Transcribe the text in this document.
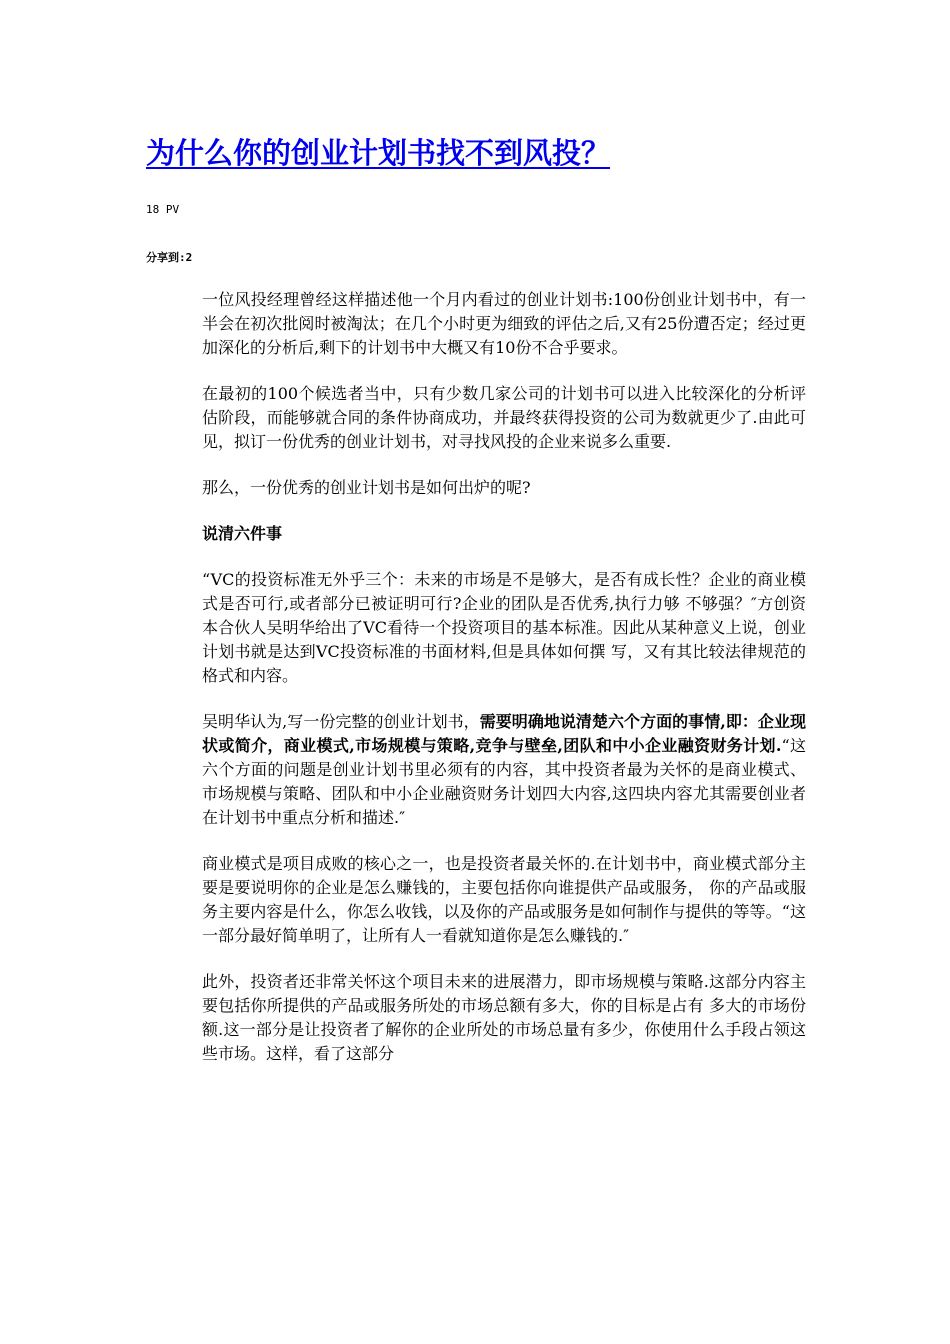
为什么你的创业计划书找不到风投？
18 PV
分享到:2

一位风投经理曾经这样描述他一个月内看过的创业计划书:100份创业计划书中，有一半会在初次批阅时被淘汰；在几个小时更为细致的评估之后,又有25份遭否定；经过更加深化的分析后,剩下的计划书中大概又有10份不合乎要求。

在最初的100个候选者当中，只有少数几家公司的计划书可以进入比较深化的分析评估阶段，而能够就合同的条件协商成功，并最终获得投资的公司为数就更少了.由此可见，拟订一份优秀的创业计划书，对寻找风投的企业来说多么重要.

那么，一份优秀的创业计划书是如何出炉的呢?

说清六件事

“VC的投资标准无外乎三个：未来的市场是不是够大，是否有成长性？企业的商业模式是否可行,或者部分已被证明可行?企业的团队是否优秀,执行力够 不够强？″方创资本合伙人吴明华给出了VC看待一个投资项目的基本标准。因此从某种意义上说，创业计划书就是达到VC投资标准的书面材料,但是具体如何撰 写，又有其比较法律规范的格式和内容。

吴明华认为,写一份完整的创业计划书，需要明确地说清楚六个方面的事情,即：企业现状或简介，商业模式,市场规模与策略,竞争与壁垒,团队和中小企业融资财务计划.“这六个方面的问题是创业计划书里必须有的内容，其中投资者最为关怀的是商业模式、市场规模与策略、团队和中小企业融资财务计划四大内容,这四块内容尤其需要创业者在计划书中重点分析和描述.″

商业模式是项目成败的核心之一，也是投资者最关怀的.在计划书中，商业模式部分主要是要说明你的企业是怎么赚钱的，主要包括你向谁提供产品或服务， 你的产品或服务主要内容是什么，你怎么收钱，以及你的产品或服务是如何制作与提供的等等。“这一部分最好简单明了，让所有人一看就知道你是怎么赚钱的.″

此外，投资者还非常关怀这个项目未来的进展潜力，即市场规模与策略.这部分内容主要包括你所提供的产品或服务所处的市场总额有多大，你的目标是占有 多大的市场份额.这一部分是让投资者了解你的企业所处的市场总量有多少，你使用什么手段占领这些市场。这样，看了这部分
